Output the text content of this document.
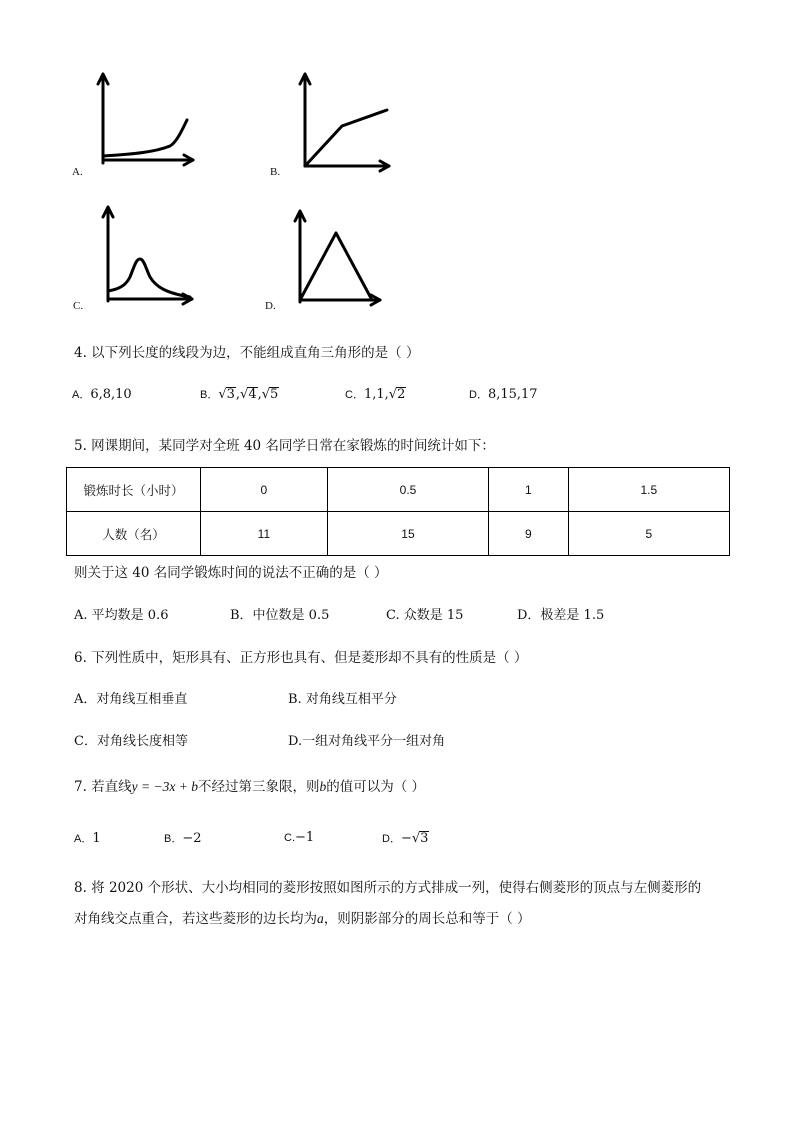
A.	B.
C.	D.
4. 以下列长度的线段为边，不能组成直角三角形的是（ ）
A．6,8,10	B．√3,√4,√5	C．1,1,√2	D．8,15,17
5. 网课期间，某同学对全班 40 名同学日常在家锻炼的时间统计如下：
锻炼时长（小时）	0	0.5	1	1.5
人数（名）	11	15	9	5
则关于这 40 名同学锻炼时间的说法不正确的是（ ）
A. 平均数是 0.6	B．中位数是 0.5	C. 众数是 15	D．极差是 1.5
6. 下列性质中，矩形具有、正方形也具有、但是菱形却不具有的性质是（ ）
A．对角线互相垂直	B. 对角线互相平分
C．对角线长度相等	D.一组对角线平分一组对角
7. 若直线y = −3x + b不经过第三象限，则b的值可以为（ ）
A．1	B．−2	C.−1	D．−√3
8. 将 2020 个形状、大小均相同的菱形按照如图所示的方式排成一列，使得右侧菱形的顶点与左侧菱形的
对角线交点重合，若这些菱形的边长均为a，则阴影部分的周长总和等于（ ）
